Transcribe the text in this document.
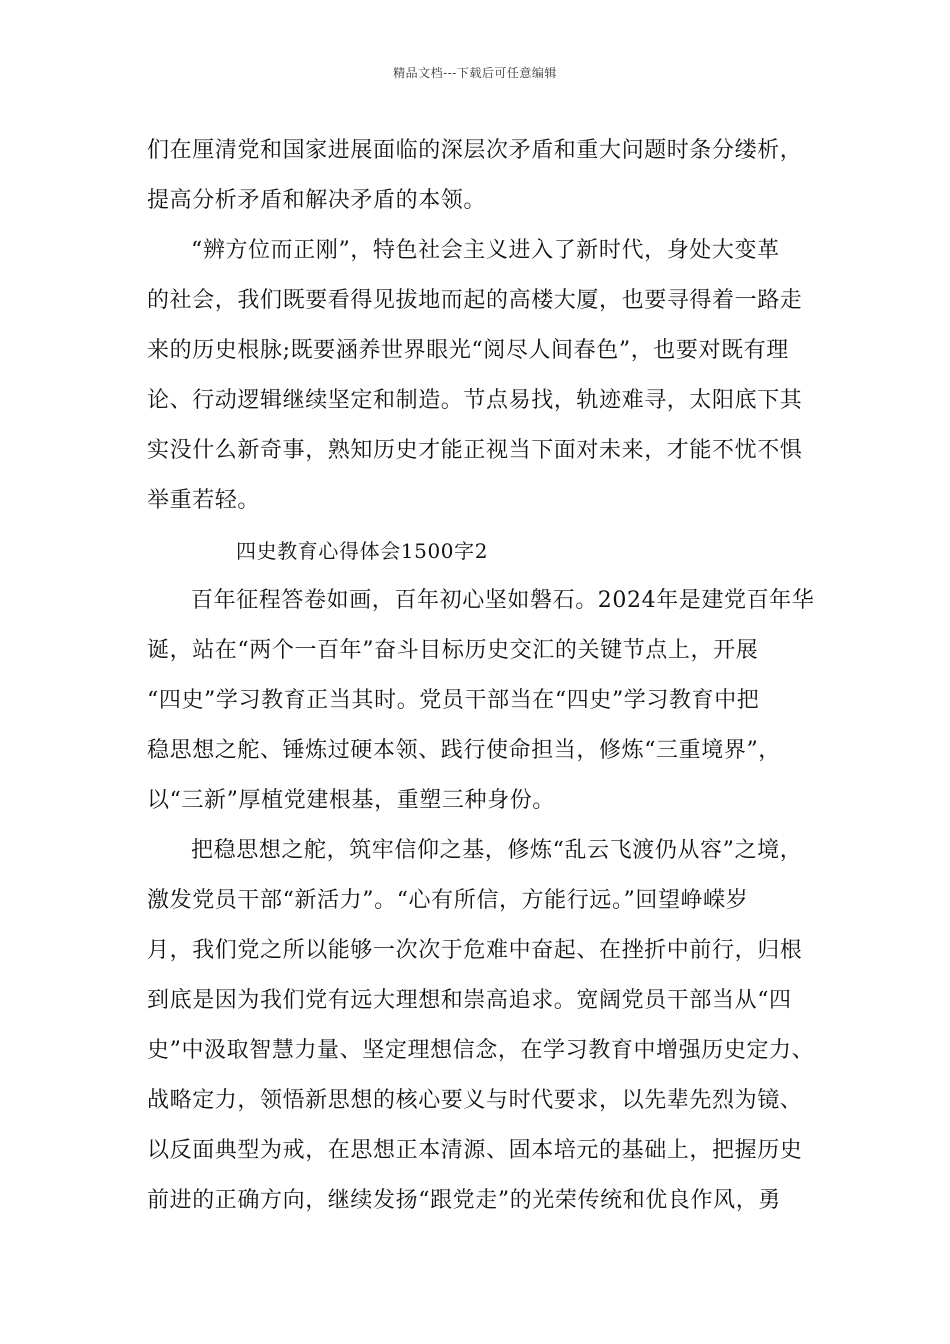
精品文档---下载后可任意编辑
们在厘清党和国家进展面临的深层次矛盾和重大问题时条分缕析，
提高分析矛盾和解决矛盾的本领。
“辨方位而正刚”，特色社会主义进入了新时代，身处大变革
的社会，我们既要看得见拔地而起的高楼大厦，也要寻得着一路走
来的历史根脉;既要涵养世界眼光“阅尽人间春色”，也要对既有理
论、行动逻辑继续坚定和制造。节点易找，轨迹难寻，太阳底下其
实没什么新奇事，熟知历史才能正视当下面对未来，才能不忧不惧
举重若轻。
四史教育心得体会1500字2
百年征程答卷如画，百年初心坚如磐石。2024年是建党百年华
诞，站在“两个一百年”奋斗目标历史交汇的关键节点上，开展
“四史”学习教育正当其时。党员干部当在“四史”学习教育中把
稳思想之舵、锤炼过硬本领、践行使命担当，修炼“三重境界”，
以“三新”厚植党建根基，重塑三种身份。
把稳思想之舵，筑牢信仰之基，修炼“乱云飞渡仍从容”之境，
激发党员干部“新活力”。“心有所信，方能行远。”回望峥嵘岁
月，我们党之所以能够一次次于危难中奋起、在挫折中前行，归根
到底是因为我们党有远大理想和崇高追求。宽阔党员干部当从“四
史”中汲取智慧力量、坚定理想信念，在学习教育中增强历史定力、
战略定力，领悟新思想的核心要义与时代要求，以先辈先烈为镜、
以反面典型为戒，在思想正本清源、固本培元的基础上，把握历史
前进的正确方向，继续发扬“跟党走”的光荣传统和优良作风，勇
